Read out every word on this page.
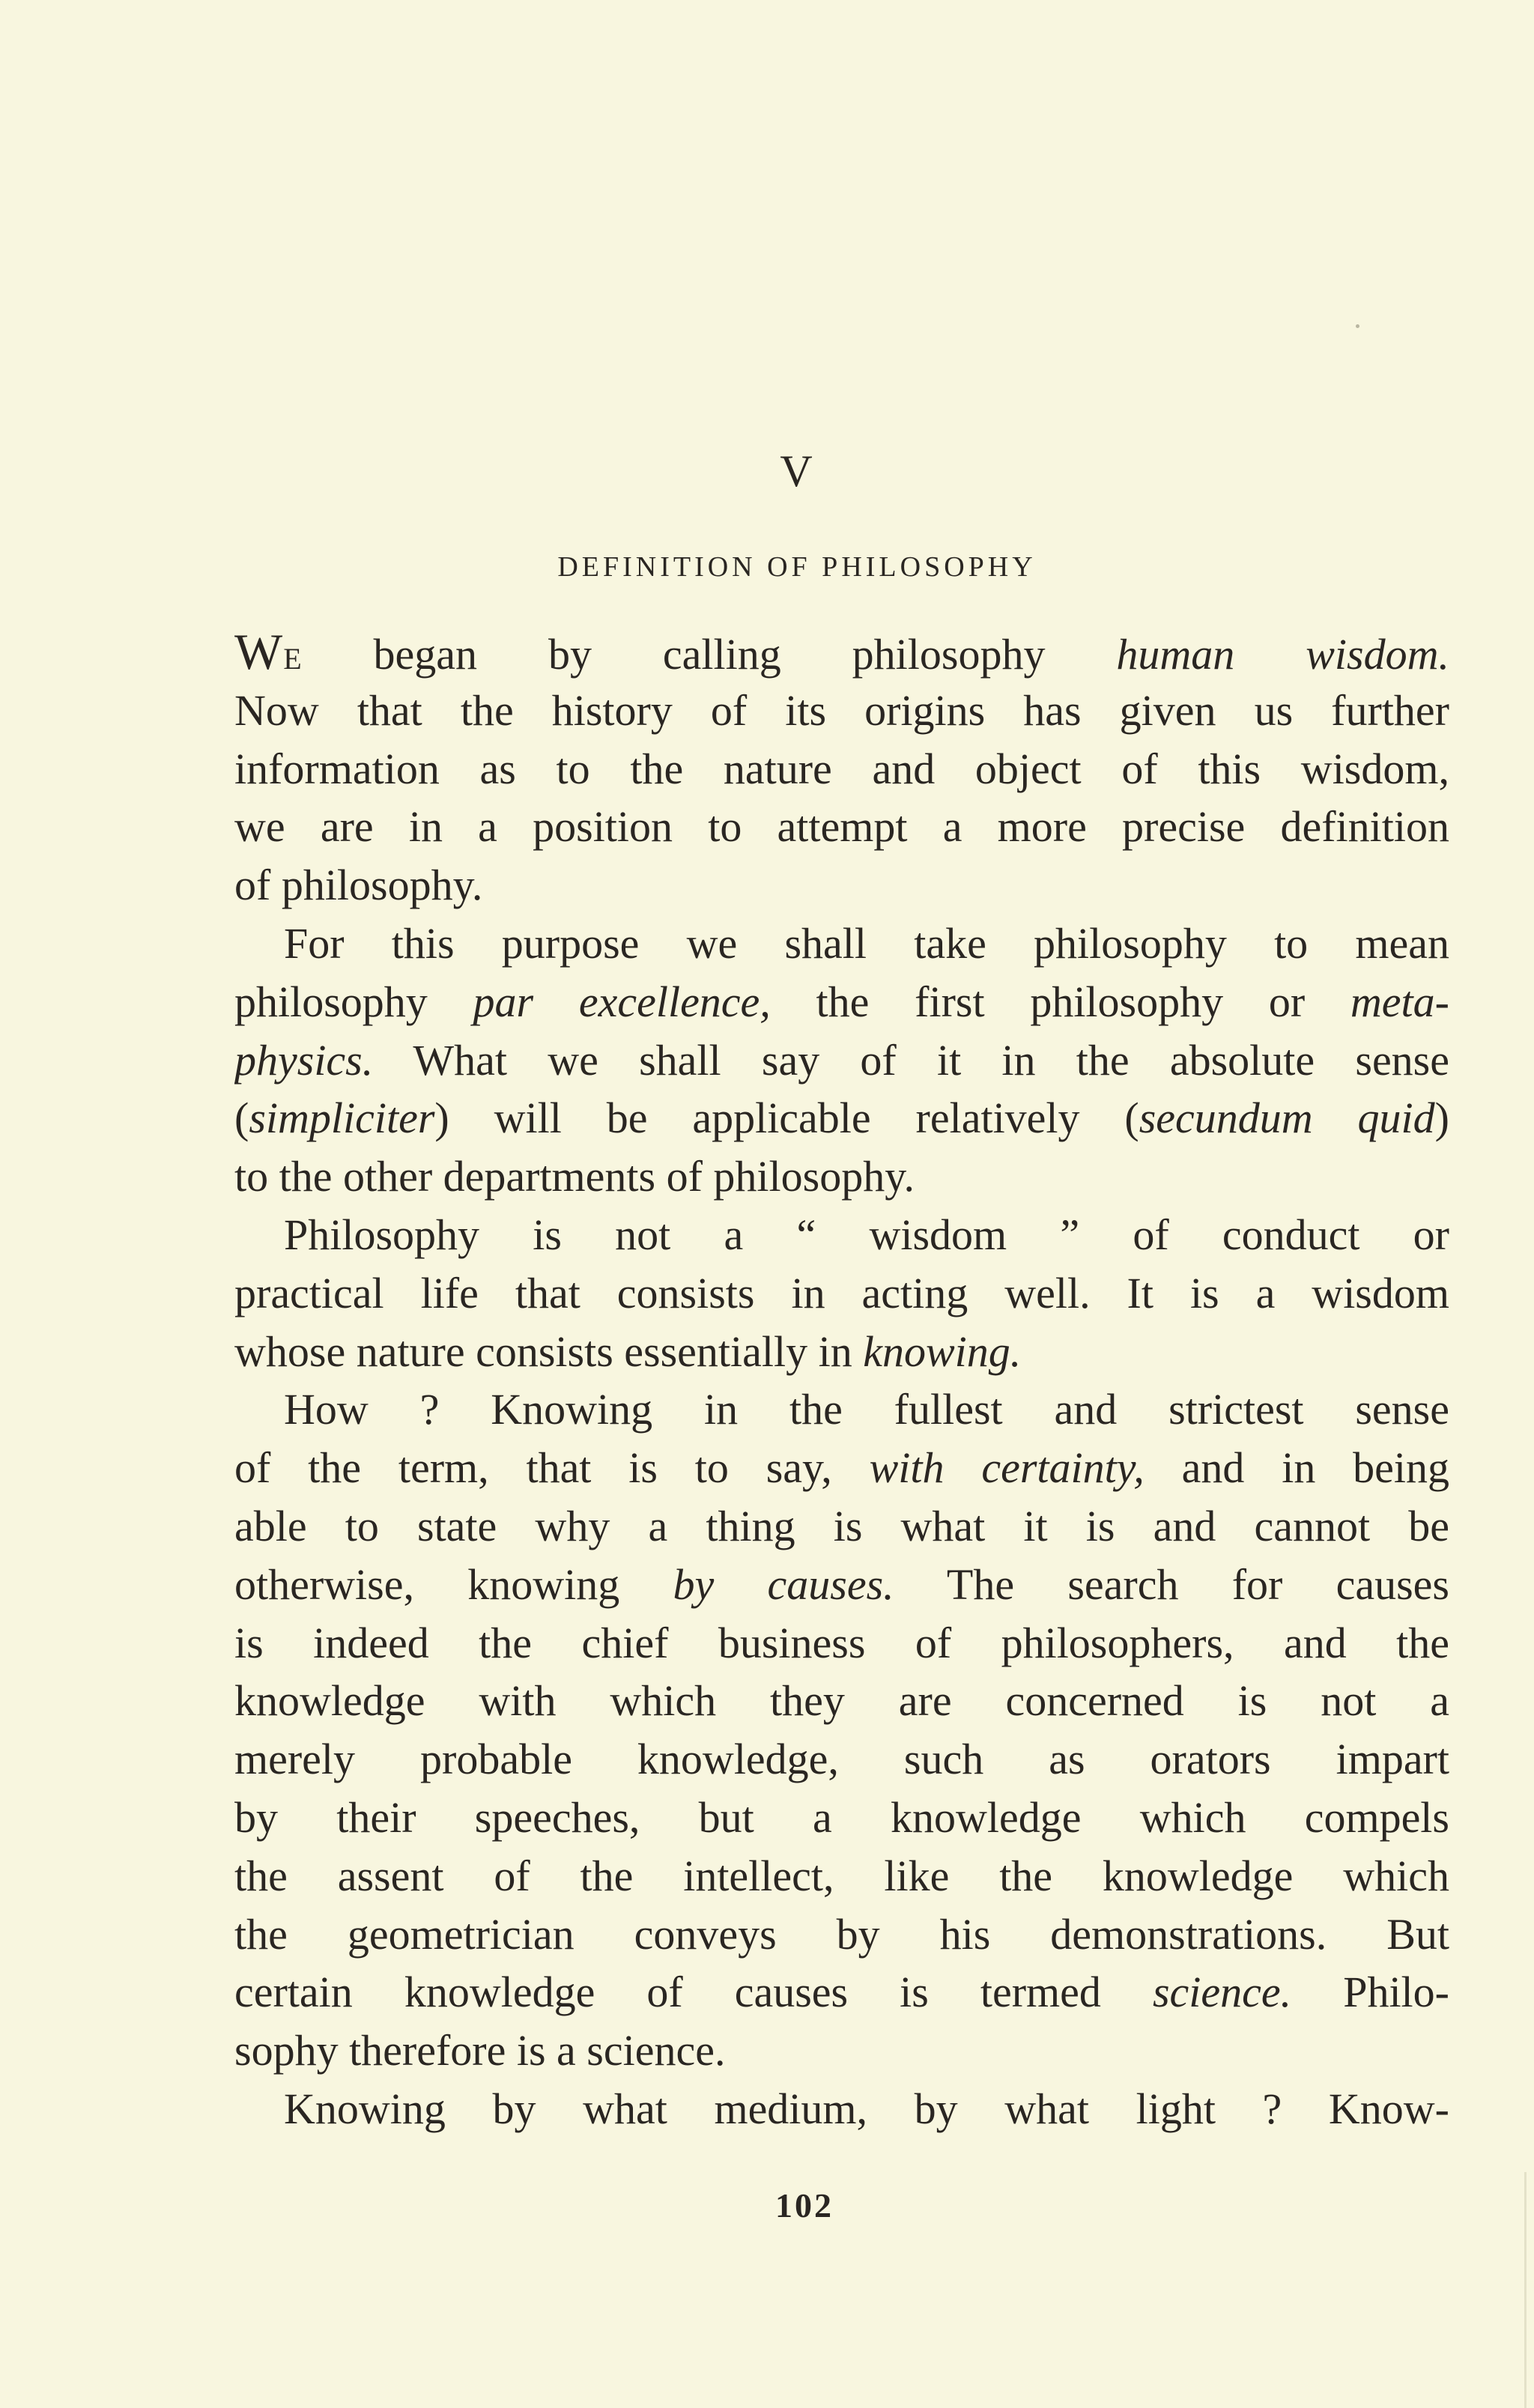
V
DEFINITION OF PHILOSOPHY
WE began by calling philosophy human wisdom.
Now that the history of its origins has given us further
information as to the nature and object of this wisdom,
we are in a position to attempt a more precise definition
of philosophy.
For this purpose we shall take philosophy to mean
philosophy par excellence, the first philosophy or meta-
physics. What we shall say of it in the absolute sense
(simpliciter) will be applicable relatively (secundum quid)
to the other departments of philosophy.
Philosophy is not a “ wisdom ” of conduct or
practical life that consists in acting well. It is a wisdom
whose nature consists essentially in knowing.
How ? Knowing in the fullest and strictest sense
of the term, that is to say, with certainty, and in being
able to state why a thing is what it is and cannot be
otherwise, knowing by causes. The search for causes
is indeed the chief business of philosophers, and the
knowledge with which they are concerned is not a
merely probable knowledge, such as orators impart
by their speeches, but a knowledge which compels
the assent of the intellect, like the knowledge which
the geometrician conveys by his demonstrations. But
certain knowledge of causes is termed science. Philo-
sophy therefore is a science.
Knowing by what medium, by what light ? Know-
102
